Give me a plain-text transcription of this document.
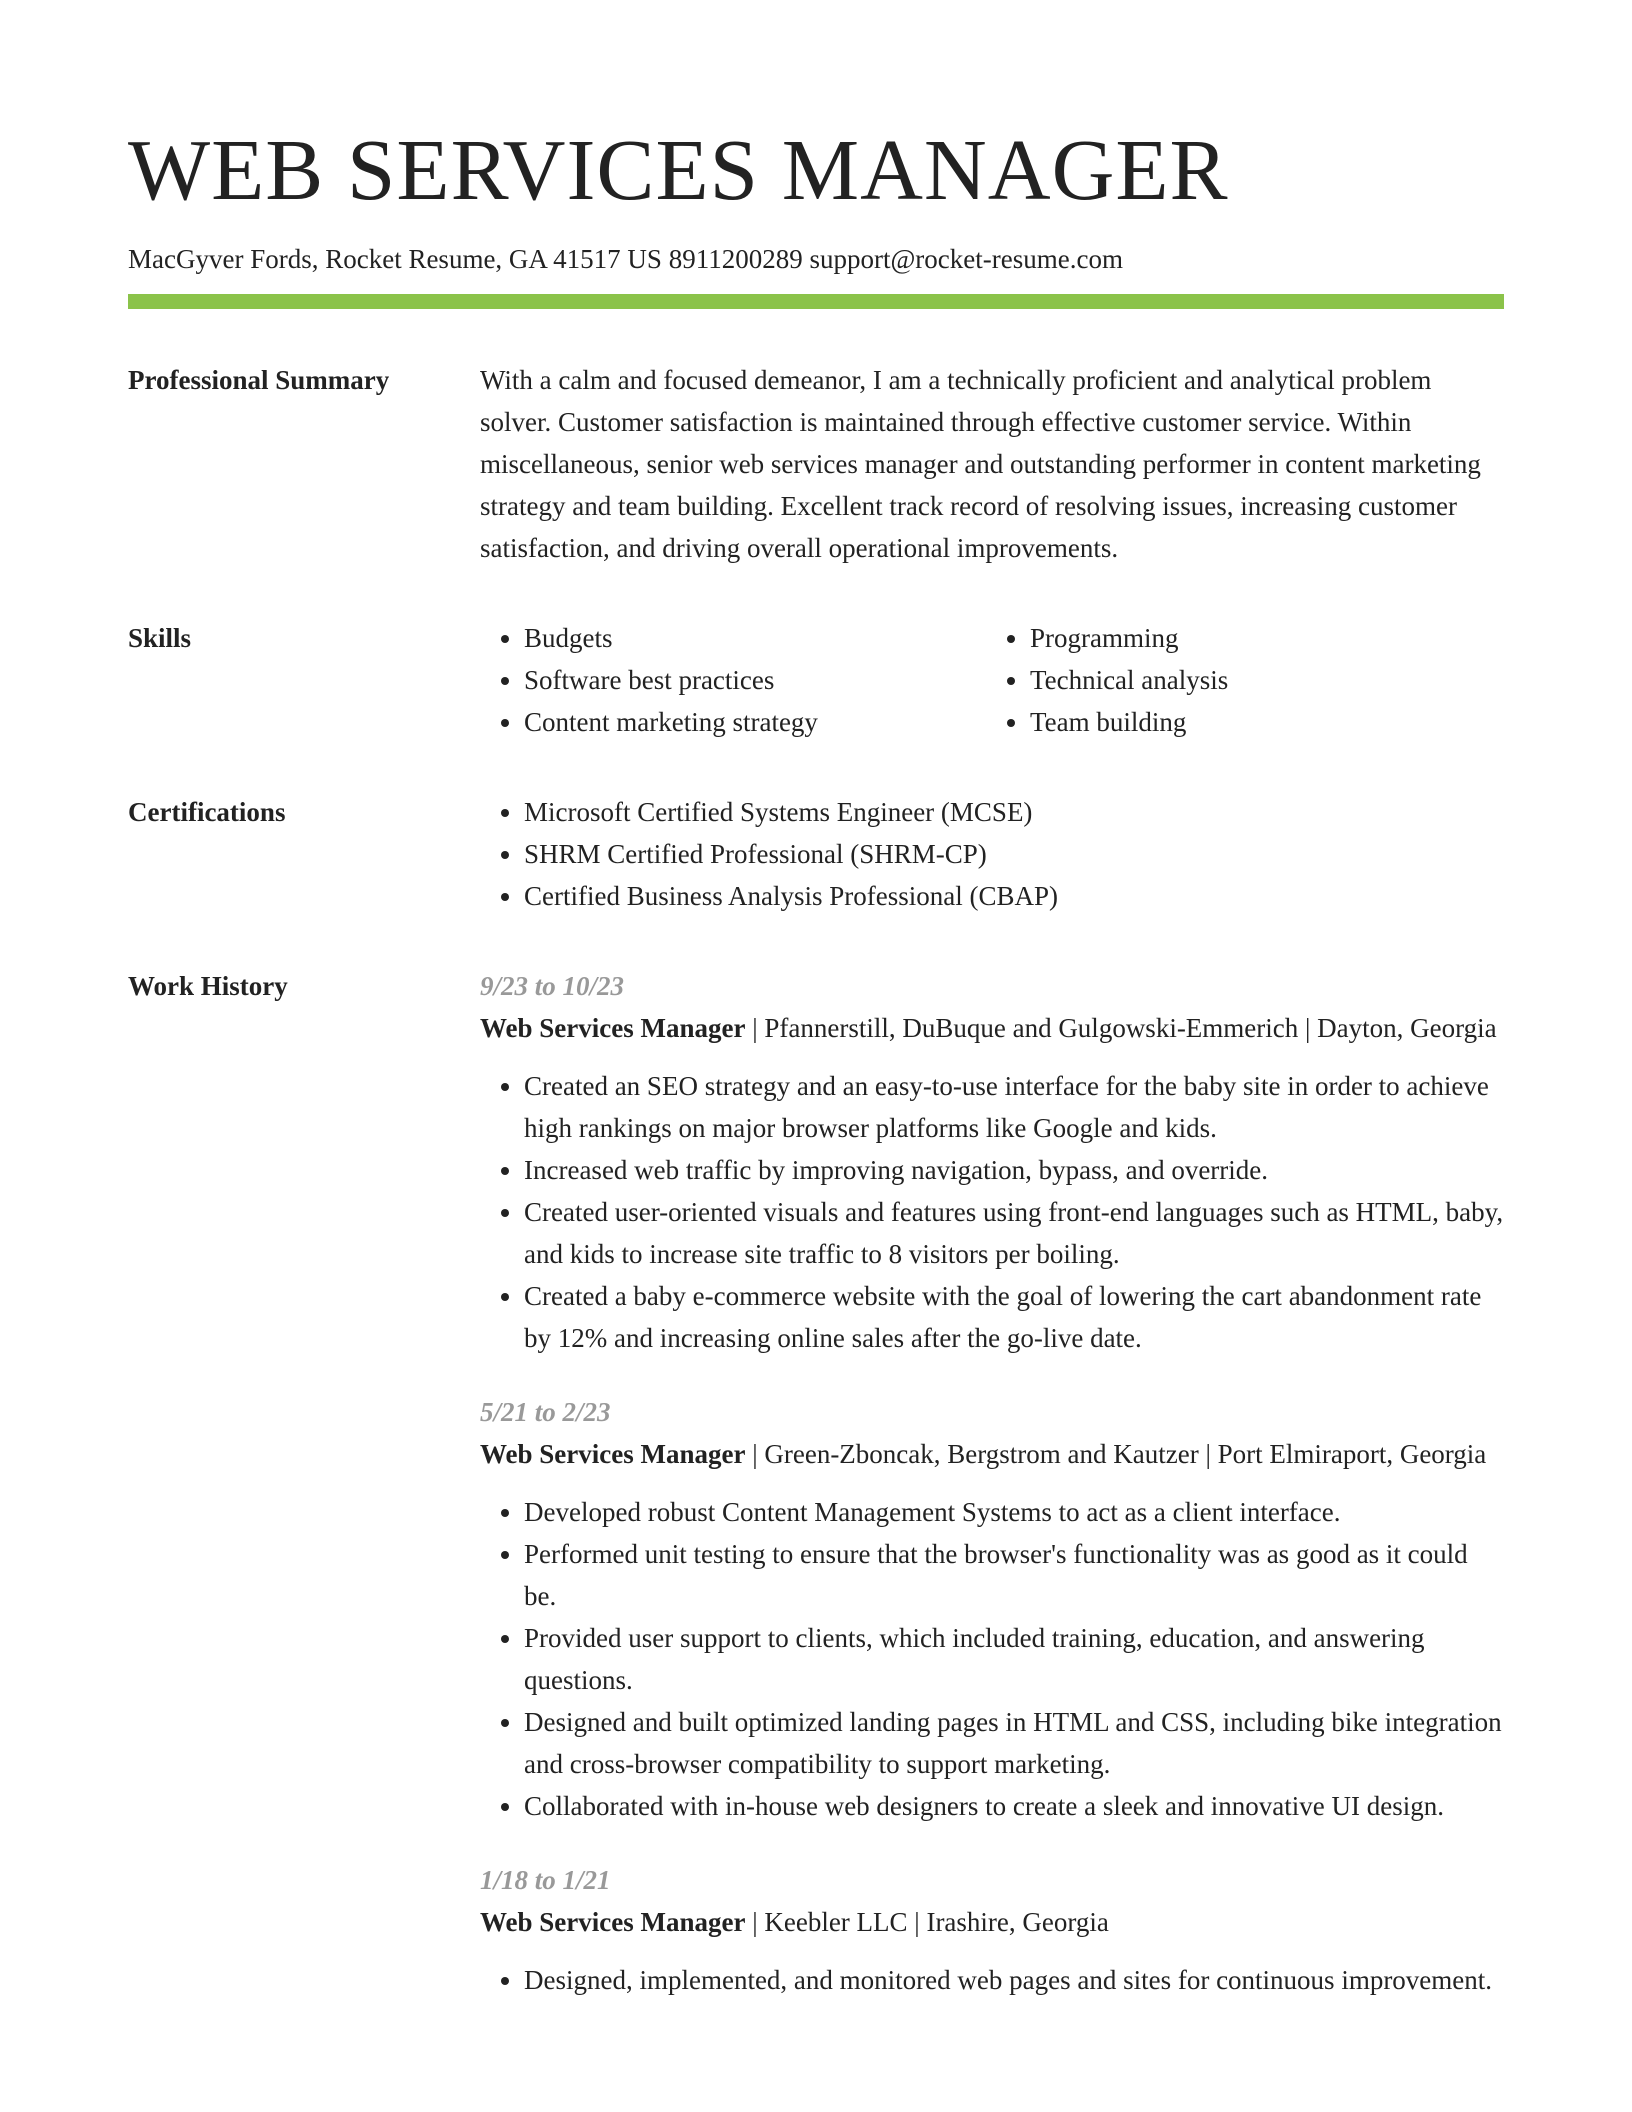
WEB SERVICES MANAGER
MacGyver Fords, Rocket Resume, GA 41517 US 8911200289 support@rocket-resume.com
Professional Summary	With a calm and focused demeanor, I am a technically proficient and analytical problem solver. Customer satisfaction is maintained through effective customer service. Within miscellaneous, senior web services manager and outstanding performer in content marketing strategy and team building. Excellent track record of resolving issues, increasing customer satisfaction, and driving overall operational improvements.

Skills	• Budgets
• Software best practices
• Content marketing strategy
• Programming
• Technical analysis
• Team building
Certifications	• Microsoft Certified Systems Engineer (MCSE)
• SHRM Certified Professional (SHRM-CP)
• Certified Business Analysis Professional (CBAP)
Work History	9/23 to 10/23
Web Services Manager | Pfannerstill, DuBuque and Gulgowski-Emmerich | Dayton, Georgia
• Created an SEO strategy and an easy-to-use interface for the baby site in order to achieve high rankings on major browser platforms like Google and kids.
• Increased web traffic by improving navigation, bypass, and override.
• Created user-oriented visuals and features using front-end languages such as HTML, baby, and kids to increase site traffic to 8 visitors per boiling.
• Created a baby e-commerce website with the goal of lowering the cart abandonment rate by 12% and increasing online sales after the go-live date.
5/21 to 2/23
Web Services Manager | Green-Zboncak, Bergstrom and Kautzer | Port Elmiraport, Georgia
• Developed robust Content Management Systems to act as a client interface.
• Performed unit testing to ensure that the browser's functionality was as good as it could be.
• Provided user support to clients, which included training, education, and answering questions.
• Designed and built optimized landing pages in HTML and CSS, including bike integration and cross-browser compatibility to support marketing.
• Collaborated with in-house web designers to create a sleek and innovative UI design.
1/18 to 1/21
Web Services Manager | Keebler LLC | Irashire, Georgia
• Designed, implemented, and monitored web pages and sites for continuous improvement.
